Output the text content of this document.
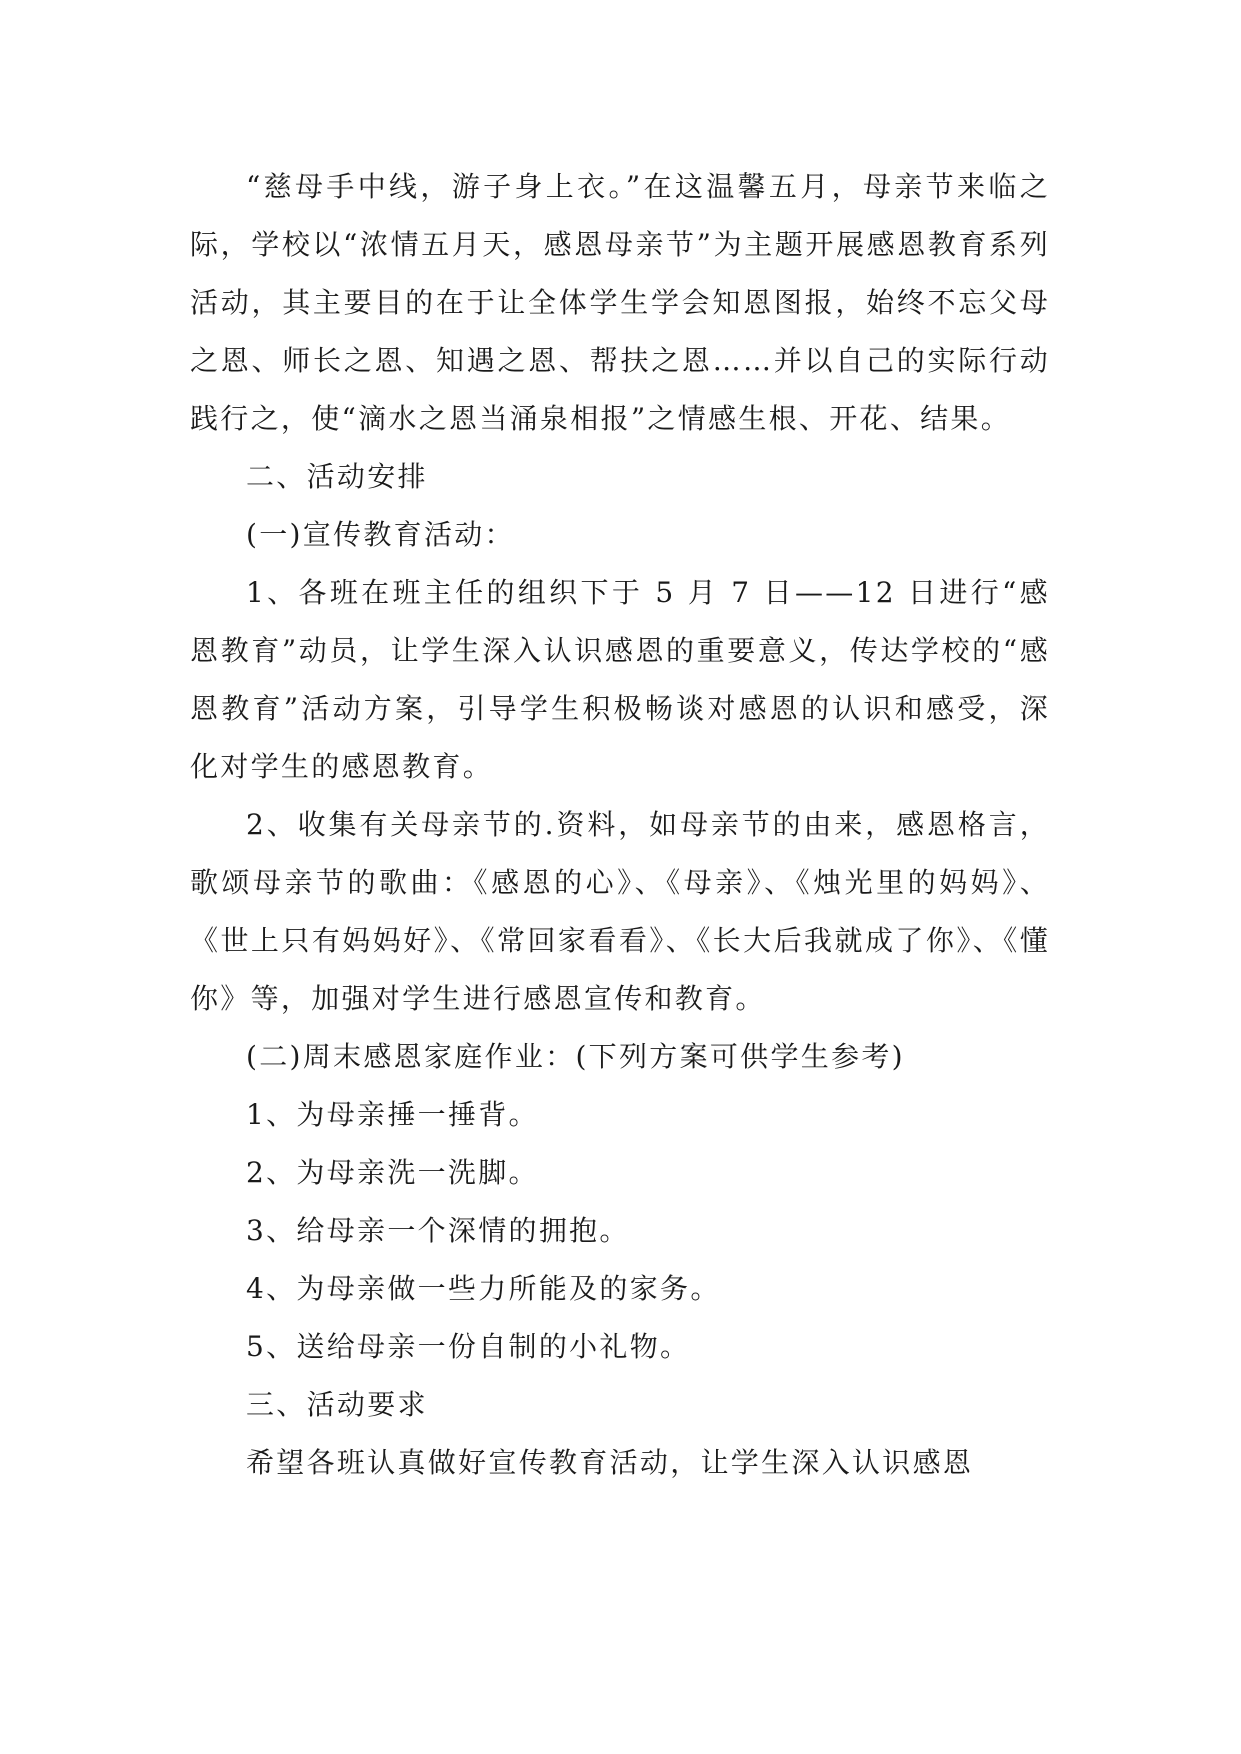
“慈母手中线，游子身上衣。”在这温馨五月，母亲节来临之际，学校以“浓情五月天，感恩母亲节”为主题开展感恩教育系列活动，其主要目的在于让全体学生学会知恩图报，始终不忘父母之恩、师长之恩、知遇之恩、帮扶之恩……并以自己的实际行动践行之，使“滴水之恩当涌泉相报”之情感生根、开花、结果。

二、活动安排

(一)宣传教育活动：

1、各班在班主任的组织下于 5 月 7 日——12 日进行“感恩教育”动员，让学生深入认识感恩的重要意义，传达学校的“感恩教育”活动方案，引导学生积极畅谈对感恩的认识和感受，深化对学生的感恩教育。

2、收集有关母亲节的.资料，如母亲节的由来，感恩格言，歌颂母亲节的歌曲：《感恩的心》、《母亲》、《烛光里的妈妈》、《世上只有妈妈好》、《常回家看看》、《长大后我就成了你》、《懂你》等，加强对学生进行感恩宣传和教育。

(二)周末感恩家庭作业：(下列方案可供学生参考)

1、为母亲捶一捶背。

2、为母亲洗一洗脚。

3、给母亲一个深情的拥抱。

4、为母亲做一些力所能及的家务。

5、送给母亲一份自制的小礼物。

三、活动要求

希望各班认真做好宣传教育活动，让学生深入认识感恩
